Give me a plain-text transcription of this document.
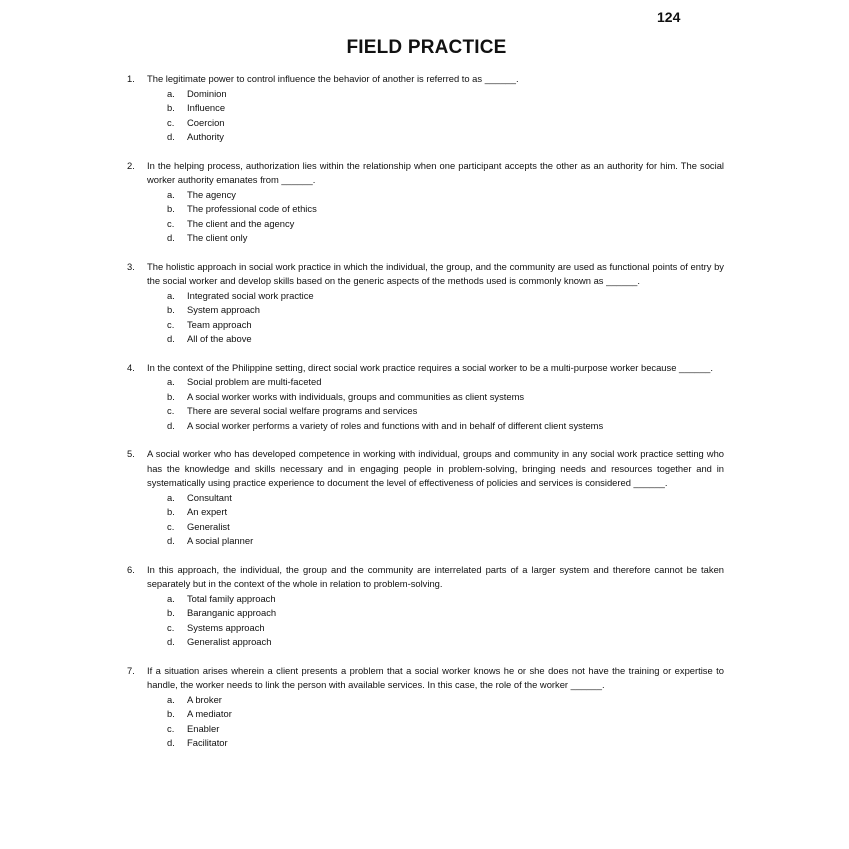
124
FIELD PRACTICE
1.	The legitimate power to control influence the behavior of another is referred to as ______.
a.	Dominion
b.	Influence
c.	Coercion
d.	Authority
2.	In the helping process, authorization lies within the relationship when one participant accepts the other as an authority for him. The social worker authority emanates from ______.
a.	The agency
b.	The professional code of ethics
c.	The client and the agency
d.	The client only
3.	The holistic approach in social work practice in which the individual, the group, and the community are used as functional points of entry by the social worker and develop skills based on the generic aspects of the methods used is commonly known as ______.
a.	Integrated social work practice
b.	System approach
c.	Team approach
d.	All of the above
4.	In the context of the Philippine setting, direct social work practice requires a social worker to be a multi-purpose worker because ______.
a.	Social problem are multi-faceted
b.	A social worker works with individuals, groups and communities as client systems
c.	There are several social welfare programs and services
d.	A social worker performs a variety of roles and functions with and in behalf of different client systems
5.	A social worker who has developed competence in working with individual, groups and community in any social work practice setting who has the knowledge and skills necessary and in engaging people in problem-solving, bringing needs and resources together and in systematically using practice experience to document the level of effectiveness of policies and services is considered ______.
a.	Consultant
b.	An expert
c.	Generalist
d.	A social planner
6.	In this approach, the individual, the group and the community are interrelated parts of a larger system and therefore cannot be taken separately but in the context of the whole in relation to problem-solving.
a.	Total family approach
b.	Baranganic approach
c.	Systems approach
d.	Generalist approach
7.	If a situation arises wherein a client presents a problem that a social worker knows he or she does not have the training or expertise to handle, the worker needs to link the person with available services. In this case, the role of the worker ______.
a.	A broker
b.	A mediator
c.	Enabler
d.	Facilitator
